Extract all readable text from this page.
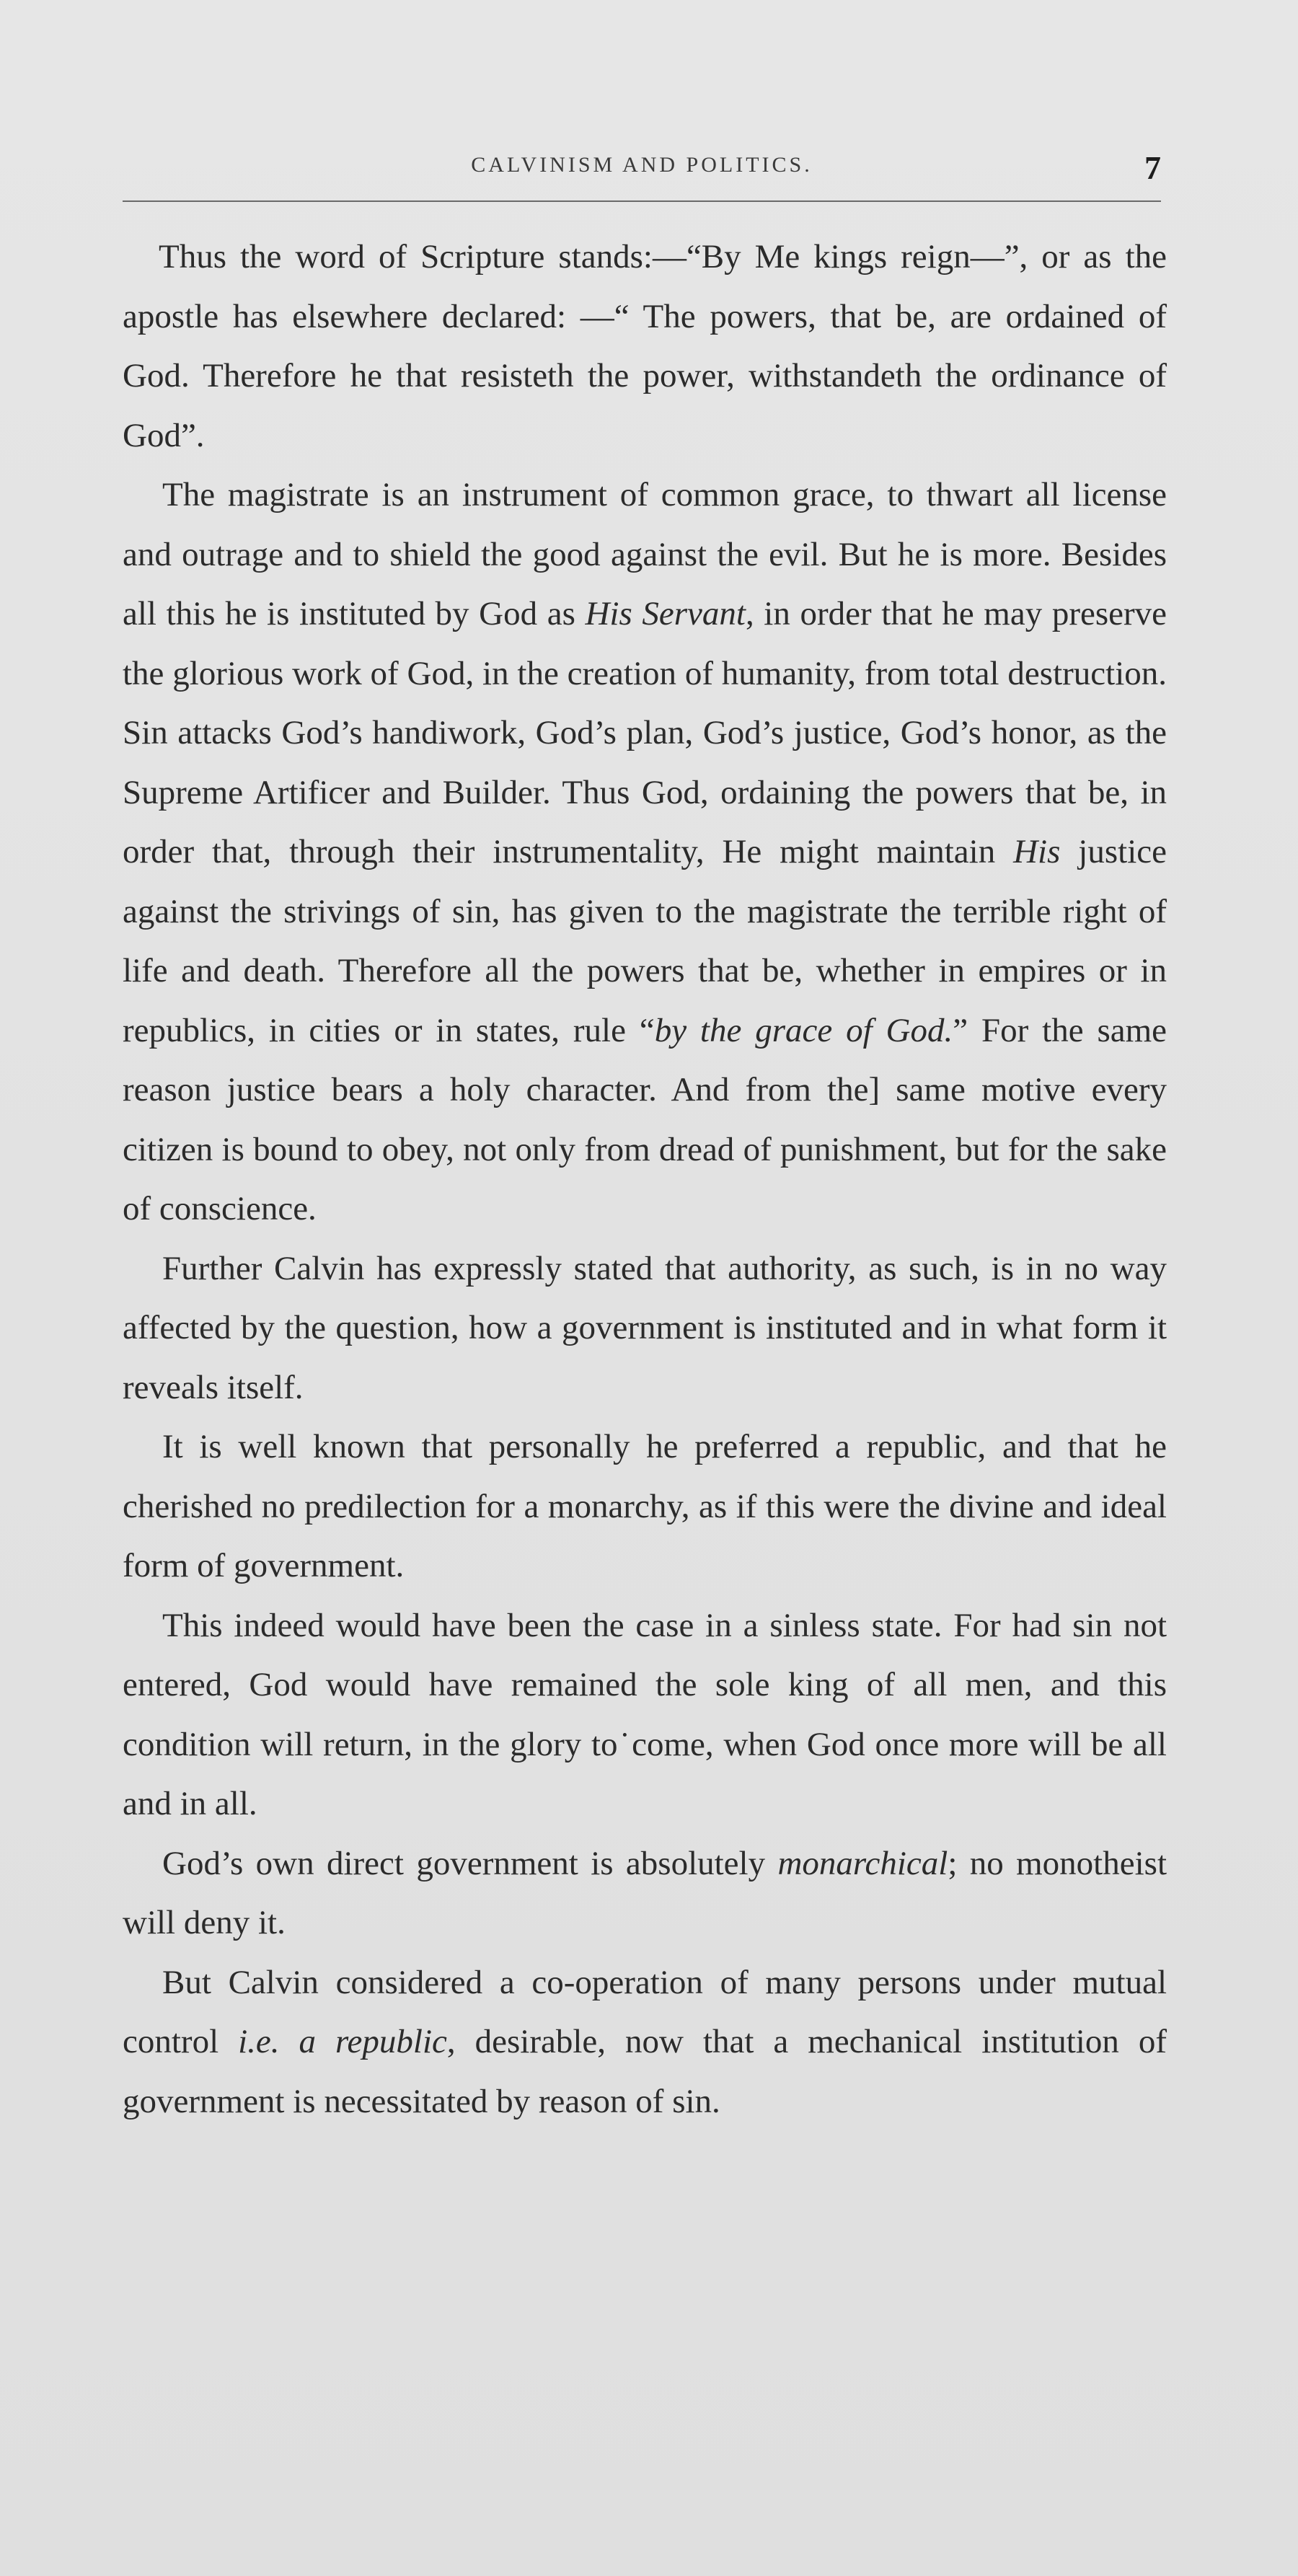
CALVINISM AND POLITICS.	7

Thus the word of Scripture stands:—“By Me kings reign—”, or as the apostle has elsewhere declared: —“ The powers, that be, are ordained of God. Therefore he that resisteth the power, withstandeth the ordinance of God”.

The magistrate is an instrument of common grace, to thwart all license and outrage and to shield the good against the evil. But he is more. Besides all this he is instituted by God as His Servant, in order that he may preserve the glorious work of God, in the creation of humanity, from total destruction. Sin attacks God’s handiwork, God’s plan, God’s justice, God’s honor, as the Supreme Artificer and Builder. Thus God, ordaining the powers that be, in order that, through their instrumentality, He might maintain His justice against the strivings of sin, has given to the magistrate the terrible right of life and death. Therefore all the powers that be, whether in empires or in republics, in cities or in states, rule “by the grace of God.” For the same reason justice bears a holy character. And from the] same motive every citizen is bound to obey, not only from dread of punishment, but for the sake of conscience.

Further Calvin has expressly stated that authority, as such, is in no way affected by the question, how a government is instituted and in what form it reveals itself.

It is well known that personally he preferred a republic, and that he cherished no predilection for a monarchy, as if this were the divine and ideal form of government.

This indeed would have been the case in a sinless state. For had sin not entered, God would have remained the sole king of all men, and this condition will return, in the glory to˙come, when God once more will be all and in all.

God’s own direct government is absolutely monarchical; no monotheist will deny it.

But Calvin considered a co-operation of many persons under mutual control i.e. a republic, desirable, now that a mechanical institution of government is necessitated by reason of sin.
